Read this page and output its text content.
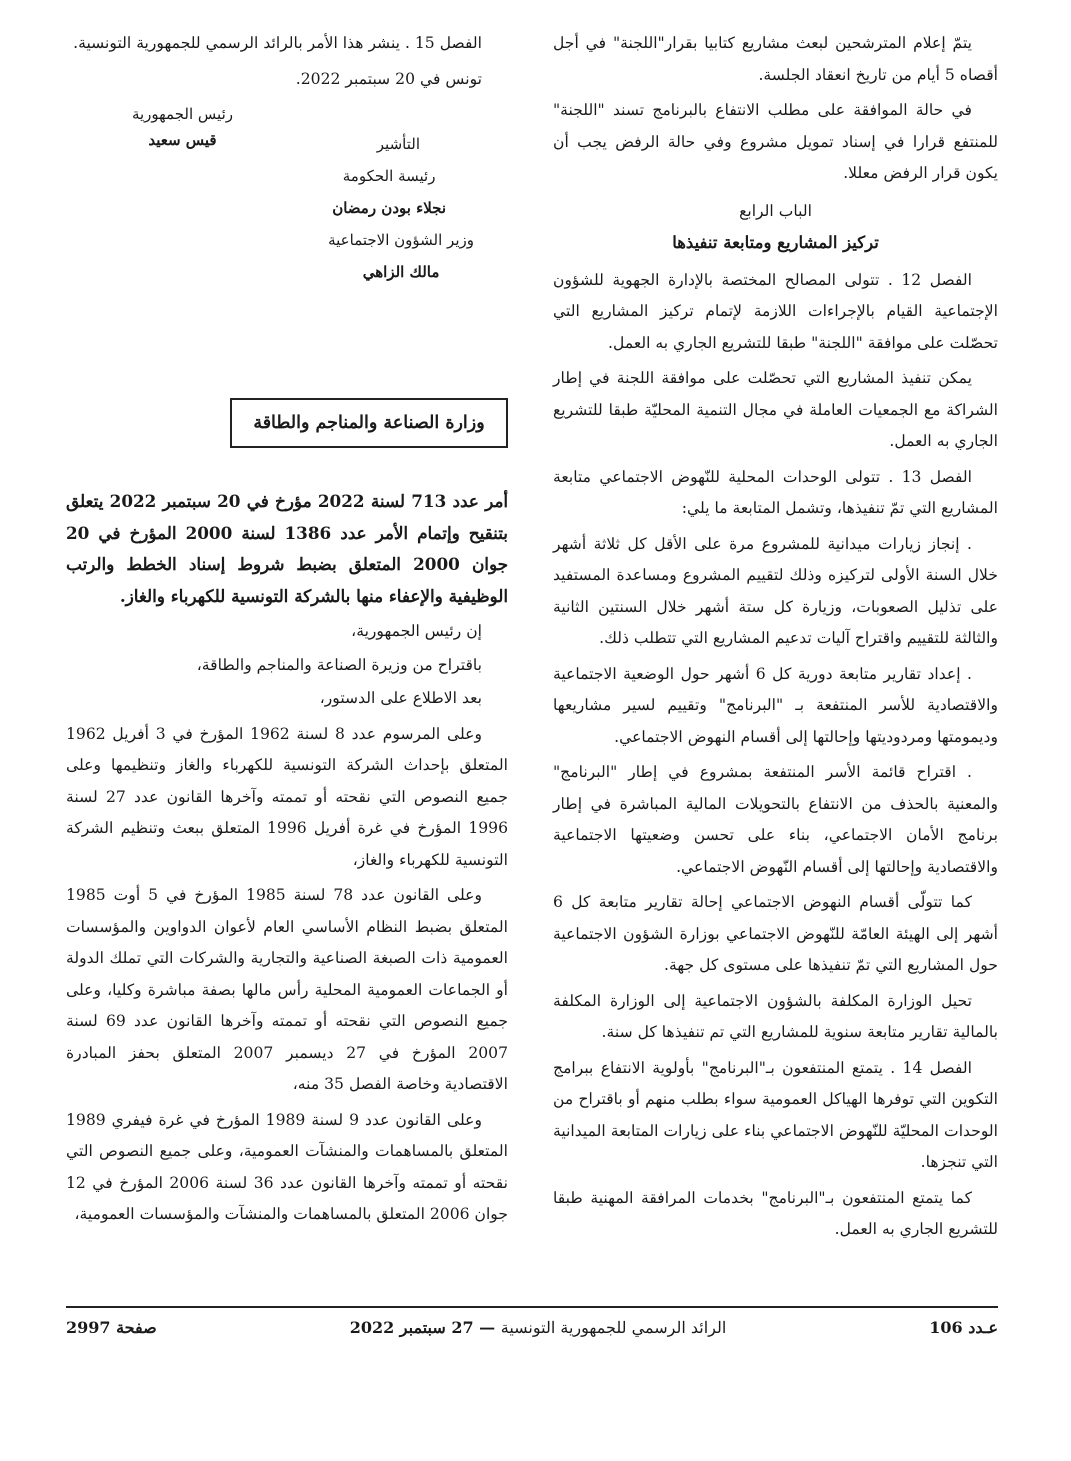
يتمّ إعلام المترشحين لبعث مشاريع كتابيا بقرار"اللجنة" في أجل أقصاه 5 أيام من تاريخ انعقاد الجلسة.

في حالة الموافقة على مطلب الانتفاع بالبرنامج تسند "اللجنة" للمنتفع قرارا في إسناد تمويل مشروع وفي حالة الرفض يجب أن يكون قرار الرفض معللا.

الباب الرابع

تركيز المشاريع ومتابعة تنفيذها

الفصل 12 . تتولى المصالح المختصة بالإدارة الجهوية للشؤون الإجتماعية القيام بالإجراءات اللازمة لإتمام تركيز المشاريع التي تحصّلت على موافقة "اللجنة" طبقا للتشريع الجاري به العمل.

يمكن تنفيذ المشاريع التي تحصّلت على موافقة اللجنة في إطار الشراكة مع الجمعيات العاملة في مجال التنمية المحليّة طبقا للتشريع الجاري به العمل.

الفصل 13 . تتولى الوحدات المحلية للنّهوض الاجتماعي متابعة المشاريع التي تمّ تنفيذها، وتشمل المتابعة ما يلي:

. إنجاز زيارات ميدانية للمشروع مرة على الأقل كل ثلاثة أشهر خلال السنة الأولى لتركيزه وذلك لتقييم المشروع ومساعدة المستفيد على تذليل الصعوبات، وزيارة كل ستة أشهر خلال السنتين الثانية والثالثة للتقييم واقتراح آليات تدعيم المشاريع التي تتطلب ذلك.

. إعداد تقارير متابعة دورية كل 6 أشهر حول الوضعية الاجتماعية والاقتصادية للأسر المنتفعة بـ "البرنامج" وتقييم لسير مشاريعها وديمومتها ومردوديتها وإحالتها إلى أقسام النهوض الاجتماعي.

. اقتراح قائمة الأسر المنتفعة بمشروع في إطار "البرنامج" والمعنية بالحذف من الانتفاع بالتحويلات المالية المباشرة في إطار برنامج الأمان الاجتماعي، بناء على تحسن وضعيتها الاجتماعية والاقتصادية وإحالتها إلى أقسام النّهوض الاجتماعي.

كما تتولّى أقسام النهوض الاجتماعي إحالة تقارير متابعة كل 6 أشهر إلى الهيئة العامّة للنّهوض الاجتماعي بوزارة الشؤون الاجتماعية حول المشاريع التي تمّ تنفيذها على مستوى كل جهة.

تحيل الوزارة المكلفة بالشؤون الاجتماعية إلى الوزارة المكلفة بالمالية تقارير متابعة سنوية للمشاريع التي تم تنفيذها كل سنة.

الفصل 14 . يتمتع المنتفعون بـ"البرنامج" بأولوية الانتفاع ببرامج التكوين التي توفرها الهياكل العمومية سواء بطلب منهم أو باقتراح من الوحدات المحليّة للنّهوض الاجتماعي بناء على زيارات المتابعة الميدانية التي تنجزها.

كما يتمتع المنتفعون بـ"البرنامج" بخدمات المرافقة المهنية طبقا للتشريع الجاري به العمل.

الفصل 15 . ينشر هذا الأمر بالرائد الرسمي للجمهورية التونسية.

تونس في 20 سبتمبر 2022.

رئيس الجمهورية
قيس سعيد	التأشير
رئيسة الحكومة
نجلاء بودن رمضان
وزير الشؤون الاجتماعية
مالك الزاهي
وزارة الصناعة والمناجم والطاقة

أمر عدد 713 لسنة 2022 مؤرخ في 20 سبتمبر 2022 يتعلق بتنقيح وإتمام الأمر عدد 1386 لسنة 2000 المؤرخ في 20 جوان 2000 المتعلق بضبط شروط إسناد الخطط والرتب الوظيفية والإعفاء منها بالشركة التونسية للكهرباء والغاز.

إن رئيس الجمهورية،

باقتراح من وزيرة الصناعة والمناجم والطاقة،

بعد الاطلاع على الدستور،

وعلى المرسوم عدد 8 لسنة 1962 المؤرخ في 3 أفريل 1962 المتعلق بإحداث الشركة التونسية للكهرباء والغاز وتنظيمها وعلى جميع النصوص التي نقحته أو تممته وآخرها القانون عدد 27 لسنة 1996 المؤرخ في غرة أفريل 1996 المتعلق ببعث وتنظيم الشركة التونسية للكهرباء والغاز،

وعلى القانون عدد 78 لسنة 1985 المؤرخ في 5 أوت 1985 المتعلق بضبط النظام الأساسي العام لأعوان الدواوين والمؤسسات العمومية ذات الصبغة الصناعية والتجارية والشركات التي تملك الدولة أو الجماعات العمومية المحلية رأس مالها بصفة مباشرة وكليا، وعلى جميع النصوص التي نقحته أو تممته وآخرها القانون عدد 69 لسنة 2007 المؤرخ في 27 ديسمبر 2007 المتعلق بحفز المبادرة الاقتصادية وخاصة الفصل 35 منه،

وعلى القانون عدد 9 لسنة 1989 المؤرخ في غرة فيفري 1989 المتعلق بالمساهمات والمنشآت العمومية، وعلى جميع النصوص التي نقحته أو تممته وآخرها القانون عدد 36 لسنة 2006 المؤرخ في 12 جوان 2006 المتعلق بالمساهمات والمنشآت والمؤسسات العمومية،

عـدد 106
الرائد الرسمي للجمهورية التونسية — 27 سبتمبر 2022
صفحة 2997
